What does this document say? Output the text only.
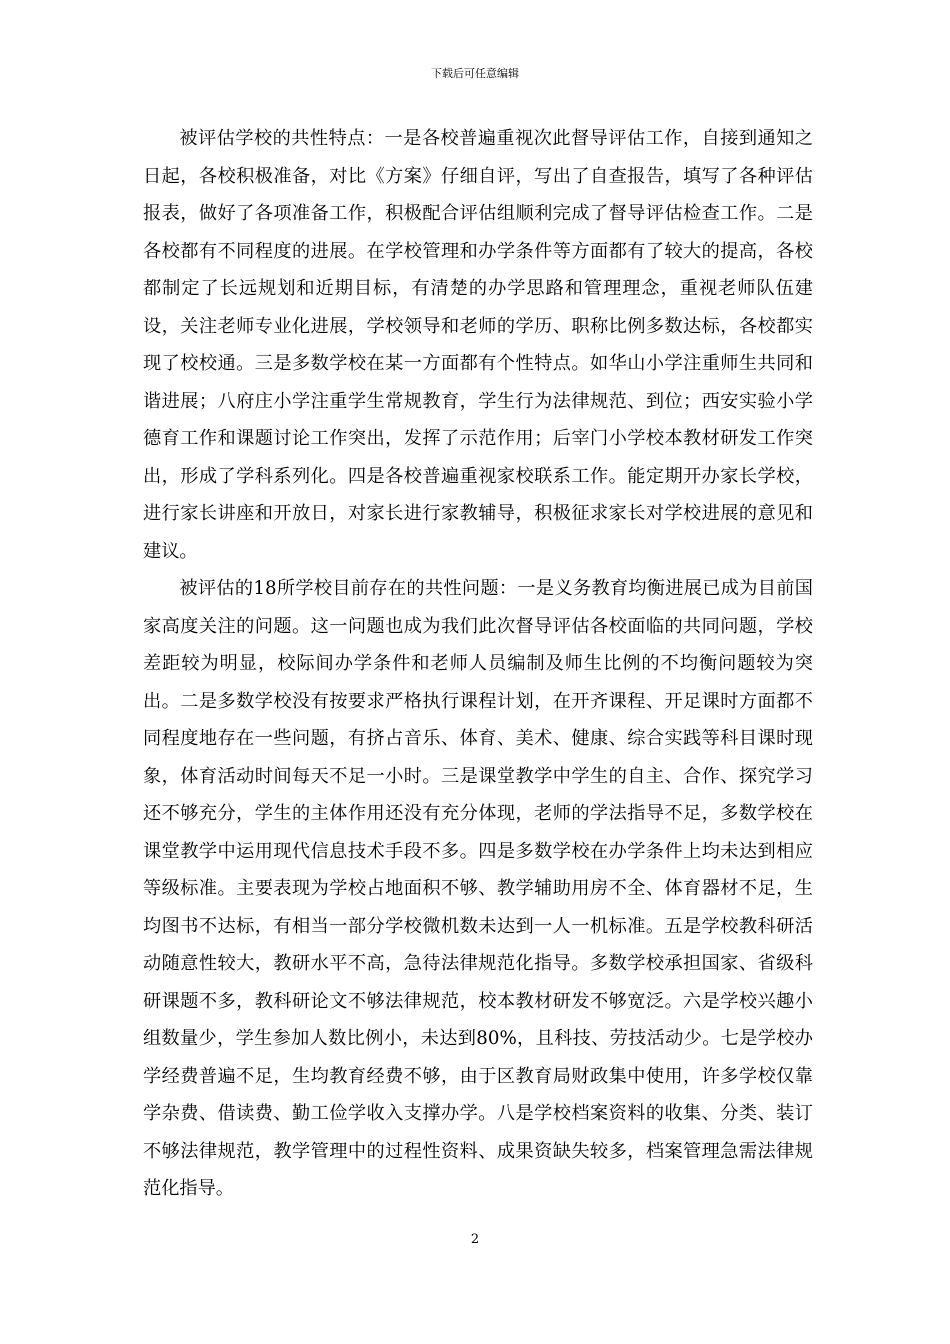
下载后可任意编辑

被评估学校的共性特点：一是各校普遍重视次此督导评估工作，自接到通知之日起，各校积极准备，对比《方案》仔细自评，写出了自查报告，填写了各种评估报表，做好了各项准备工作，积极配合评估组顺利完成了督导评估检查工作。二是各校都有不同程度的进展。在学校管理和办学条件等方面都有了较大的提高，各校都制定了长远规划和近期目标，有清楚的办学思路和管理理念，重视老师队伍建设，关注老师专业化进展，学校领导和老师的学历、职称比例多数达标，各校都实现了校校通。三是多数学校在某一方面都有个性特点。如华山小学注重师生共同和谐进展；八府庄小学注重学生常规教育，学生行为法律规范、到位；西安实验小学德育工作和课题讨论工作突出，发挥了示范作用；后宰门小学校本教材研发工作突出，形成了学科系列化。四是各校普遍重视家校联系工作。能定期开办家长学校，进行家长讲座和开放日，对家长进行家教辅导，积极征求家长对学校进展的意见和建议。

被评估的18所学校目前存在的共性问题：一是义务教育均衡进展已成为目前国家高度关注的问题。这一问题也成为我们此次督导评估各校面临的共同问题，学校差距较为明显，校际间办学条件和老师人员编制及师生比例的不均衡问题较为突出。二是多数学校没有按要求严格执行课程计划，在开齐课程、开足课时方面都不同程度地存在一些问题，有挤占音乐、体育、美术、健康、综合实践等科目课时现象，体育活动时间每天不足一小时。三是课堂教学中学生的自主、合作、探究学习还不够充分，学生的主体作用还没有充分体现，老师的学法指导不足，多数学校在课堂教学中运用现代信息技术手段不多。四是多数学校在办学条件上均未达到相应等级标准。主要表现为学校占地面积不够、教学辅助用房不全、体育器材不足，生均图书不达标，有相当一部分学校微机数未达到一人一机标准。五是学校教科研活动随意性较大，教研水平不高，急待法律规范化指导。多数学校承担国家、省级科研课题不多，教科研论文不够法律规范，校本教材研发不够宽泛。六是学校兴趣小组数量少，学生参加人数比例小，未达到80%，且科技、劳技活动少。七是学校办学经费普遍不足，生均教育经费不够，由于区教育局财政集中使用，许多学校仅靠学杂费、借读费、勤工俭学收入支撑办学。八是学校档案资料的收集、分类、装订不够法律规范，教学管理中的过程性资料、成果资缺失较多，档案管理急需法律规范化指导。

2
